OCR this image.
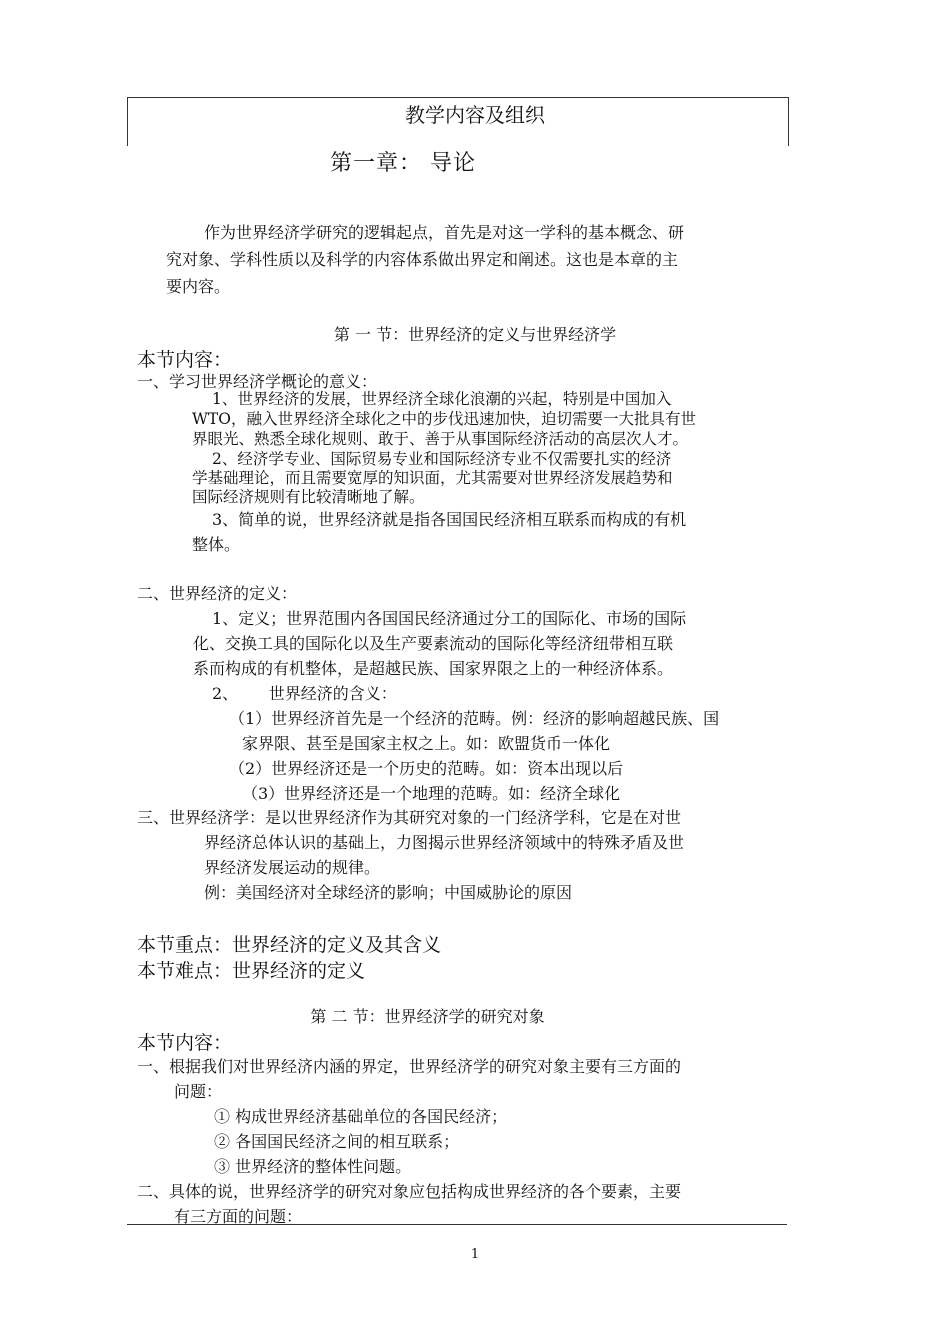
教学内容及组织
第一章： 导论
作为世界经济学研究的逻辑起点，首先是对这一学科的基本概念、研
究对象、学科性质以及科学的内容体系做出界定和阐述。这也是本章的主
要内容。
第 一 节：世界经济的定义与世界经济学
本节内容：
一、学习世界经济学概论的意义：
1、世界经济的发展，世界经济全球化浪潮的兴起，特别是中国加入
WTO，融入世界经济全球化之中的步伐迅速加快，迫切需要一大批具有世
界眼光、熟悉全球化规则、敢于、善于从事国际经济活动的高层次人才。
2、经济学专业、国际贸易专业和国际经济专业不仅需要扎实的经济
学基础理论，而且需要宽厚的知识面，尤其需要对世界经济发展趋势和
国际经济规则有比较清晰地了解。
3、简单的说，世界经济就是指各国国民经济相互联系而构成的有机
整体。
二、世界经济的定义：
1、定义；世界范围内各国国民经济通过分工的国际化、市场的国际
化、交换工具的国际化以及生产要素流动的国际化等经济纽带相互联
系而构成的有机整体，是超越民族、国家界限之上的一种经济体系。
2、      世界经济的含义：
（1）世界经济首先是一个经济的范畴。例：经济的影响超越民族、国
家界限、甚至是国家主权之上。如：欧盟货币一体化
（2）世界经济还是一个历史的范畴。如：资本出现以后
（3）世界经济还是一个地理的范畴。如：经济全球化
三、世界经济学：是以世界经济作为其研究对象的一门经济学科，它是在对世
界经济总体认识的基础上，力图揭示世界经济领域中的特殊矛盾及世
界经济发展运动的规律。
例：美国经济对全球经济的影响；中国威胁论的原因
本节重点：世界经济的定义及其含义
本节难点：世界经济的定义
第 二 节：世界经济学的研究对象
本节内容：
一、根据我们对世界经济内涵的界定，世界经济学的研究对象主要有三方面的
问题：
① 构成世界经济基础单位的各国民经济；
② 各国国民经济之间的相互联系；
③ 世界经济的整体性问题。
二、具体的说，世界经济学的研究对象应包括构成世界经济的各个要素，主要
有三方面的问题：
1
